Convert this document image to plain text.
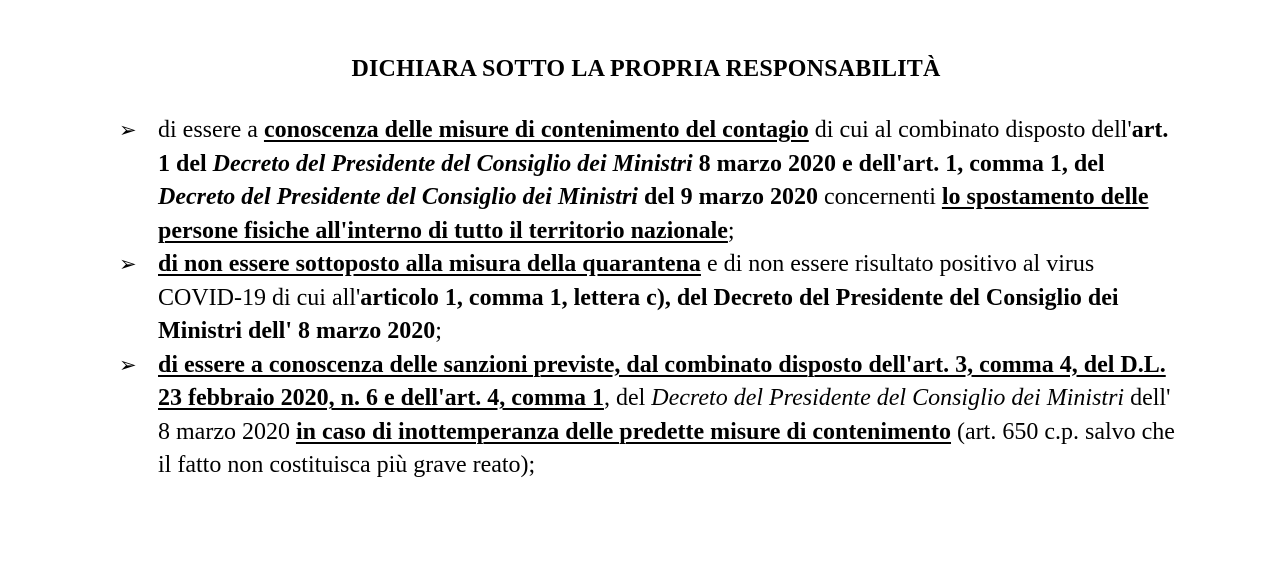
DICHIARA SOTTO LA PROPRIA RESPONSABILITÀ
➢ di essere a conoscenza delle misure di contenimento del contagio di cui al combinato disposto dell'art. 1 del Decreto del Presidente del Consiglio dei Ministri 8 marzo 2020 e dell'art. 1, comma 1, del Decreto del Presidente del Consiglio dei Ministri del 9 marzo 2020 concernenti lo spostamento delle persone fisiche all'interno di tutto il territorio nazionale;

➢ di non essere sottoposto alla misura della quarantena e di non essere risultato positivo al virus COVID-19 di cui all'articolo 1, comma 1, lettera c), del Decreto del Presidente del Consiglio dei Ministri dell' 8 marzo 2020;

➢ di essere a conoscenza delle sanzioni previste, dal combinato disposto dell'art. 3, comma 4, del D.L. 23 febbraio 2020, n. 6 e dell'art. 4, comma 1, del Decreto del Presidente del Consiglio dei Ministri dell' 8 marzo 2020 in caso di inottemperanza delle predette misure di contenimento (art. 650 c.p. salvo che il fatto non costituisca più grave reato);
